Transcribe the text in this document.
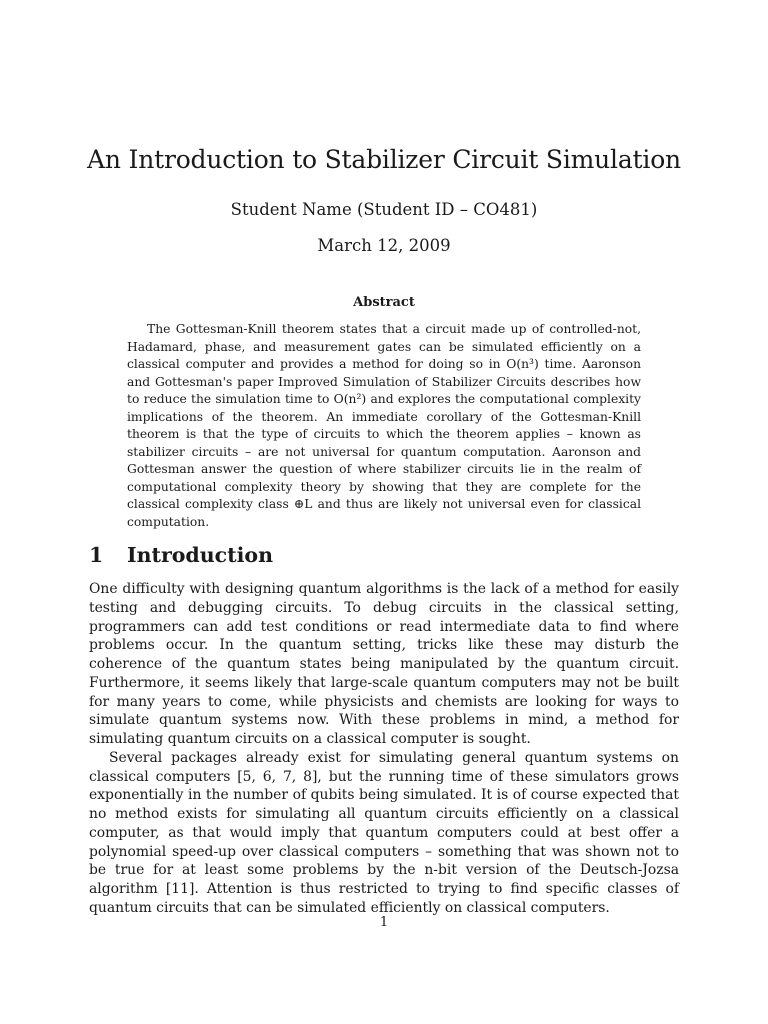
An Introduction to Stabilizer Circuit Simulation
Student Name (Student ID – CO481)
March 12, 2009
Abstract

The Gottesman-Knill theorem states that a circuit made up of controlled-not, Hadamard, phase, and measurement gates can be simulated efficiently on a classical computer and provides a method for doing so in O(n³) time. Aaronson and Gottesman's paper Improved Simulation of Stabilizer Circuits describes how to reduce the simulation time to O(n²) and explores the computational complexity implications of the theorem. An immediate corollary of the Gottesman-Knill theorem is that the type of circuits to which the theorem applies – known as stabilizer circuits – are not universal for quantum computation. Aaronson and Gottesman answer the question of where stabilizer circuits lie in the realm of computational complexity theory by showing that they are complete for the classical complexity class ⊕L and thus are likely not universal even for classical computation.

1 Introduction

One difficulty with designing quantum algorithms is the lack of a method for easily testing and debugging circuits. To debug circuits in the classical setting, programmers can add test conditions or read intermediate data to find where problems occur. In the quantum setting, tricks like these may disturb the coherence of the quantum states being manipulated by the quantum circuit. Furthermore, it seems likely that large-scale quantum computers may not be built for many years to come, while physicists and chemists are looking for ways to simulate quantum systems now. With these problems in mind, a method for simulating quantum circuits on a classical computer is sought.

Several packages already exist for simulating general quantum systems on classical computers [5, 6, 7, 8], but the running time of these simulators grows exponentially in the number of qubits being simulated. It is of course expected that no method exists for simulating all quantum circuits efficiently on a classical computer, as that would imply that quantum computers could at best offer a polynomial speed-up over classical computers – something that was shown not to be true for at least some problems by the n-bit version of the Deutsch-Jozsa algorithm [11]. Attention is thus restricted to trying to find specific classes of quantum circuits that can be simulated efficiently on classical computers.

1
